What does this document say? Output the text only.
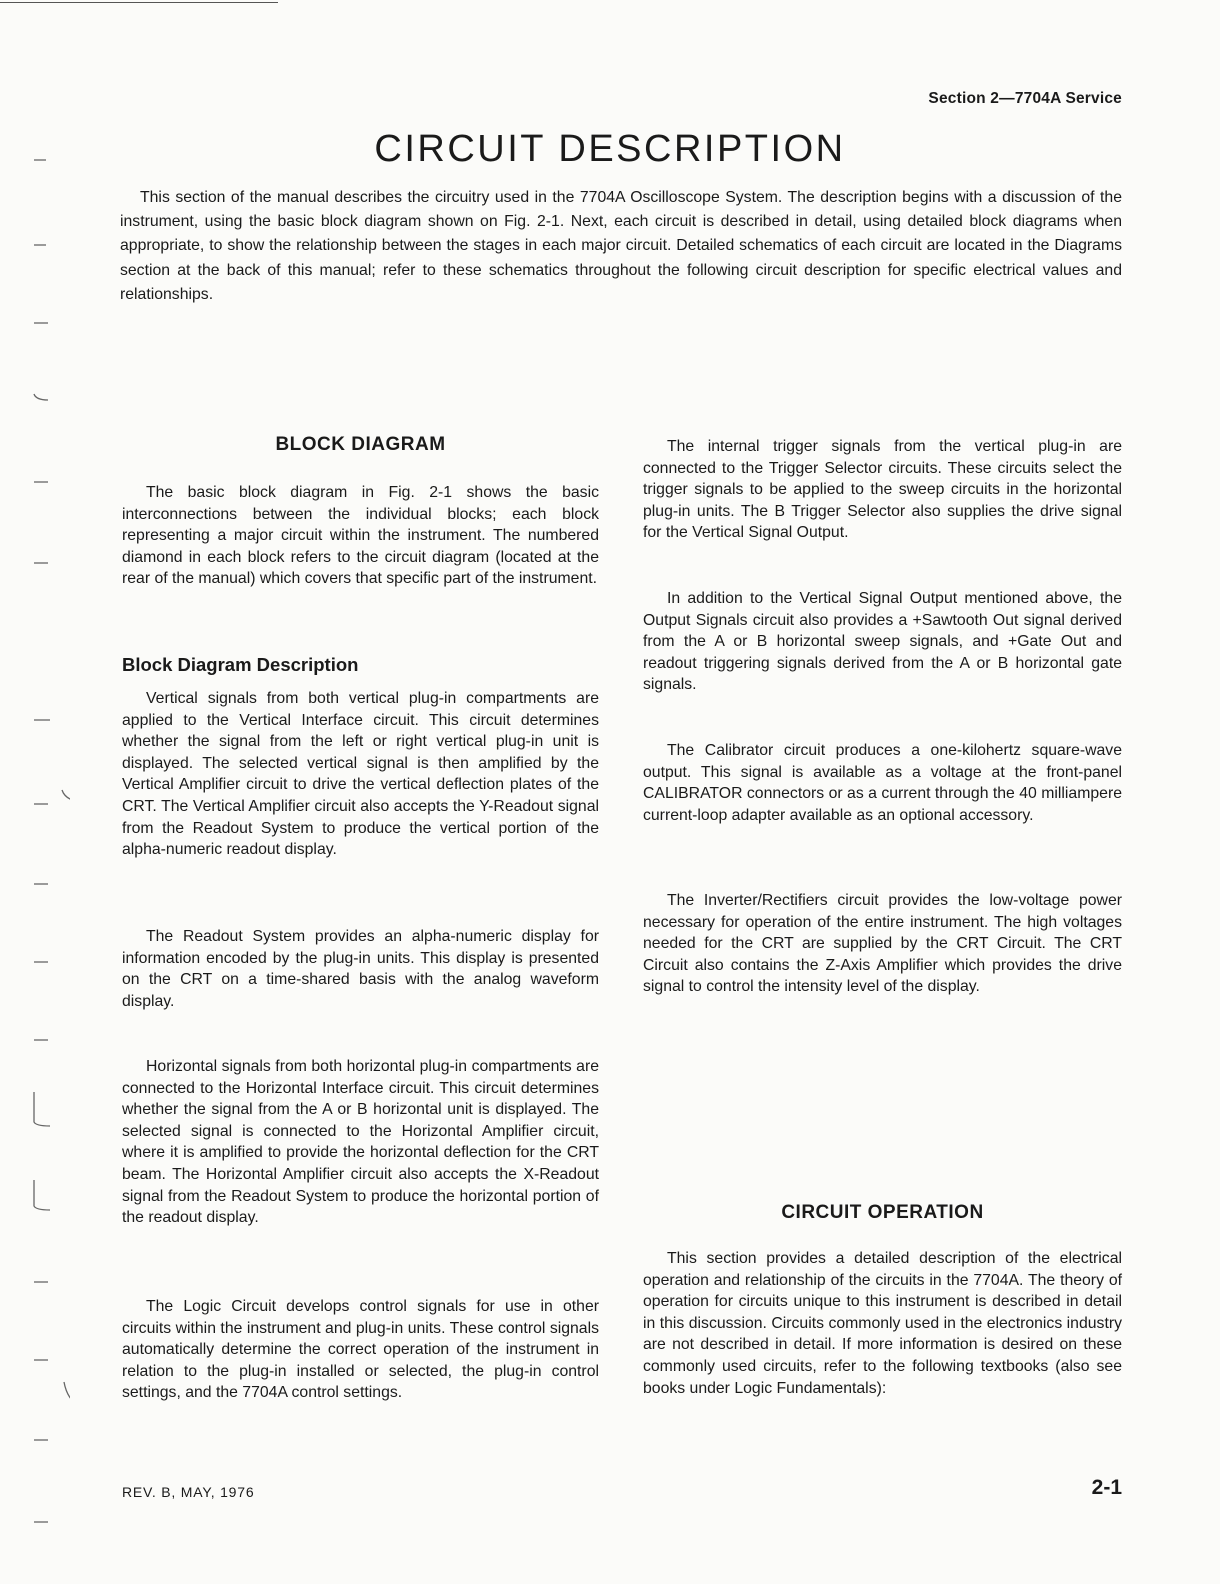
Section 2—7704A Service
CIRCUIT DESCRIPTION

This section of the manual describes the circuitry used in the 7704A Oscilloscope System. The description begins with a discussion of the instrument, using the basic block diagram shown on Fig. 2-1. Next, each circuit is described in detail, using detailed block diagrams when appropriate, to show the relationship between the stages in each major circuit. Detailed schematics of each circuit are located in the Diagrams section at the back of this manual; refer to these schematics throughout the following circuit description for specific electrical values and relationships.

BLOCK DIAGRAM

The basic block diagram in Fig. 2-1 shows the basic interconnections between the individual blocks; each block representing a major circuit within the instrument. The numbered diamond in each block refers to the circuit diagram (located at the rear of the manual) which covers that specific part of the instrument.

Block Diagram Description

Vertical signals from both vertical plug-in compartments are applied to the Vertical Interface circuit. This circuit determines whether the signal from the left or right vertical plug-in unit is displayed. The selected vertical signal is then amplified by the Vertical Amplifier circuit to drive the vertical deflection plates of the CRT. The Vertical Amplifier circuit also accepts the Y-Readout signal from the Readout System to produce the vertical portion of the alpha-numeric readout display.

The Readout System provides an alpha-numeric display for information encoded by the plug-in units. This display is presented on the CRT on a time-shared basis with the analog waveform display.

Horizontal signals from both horizontal plug-in compartments are connected to the Horizontal Interface circuit. This circuit determines whether the signal from the A or B horizontal unit is displayed. The selected signal is connected to the Horizontal Amplifier circuit, where it is amplified to provide the horizontal deflection for the CRT beam. The Horizontal Amplifier circuit also accepts the X-Readout signal from the Readout System to produce the horizontal portion of the readout display.

The Logic Circuit develops control signals for use in other circuits within the instrument and plug-in units. These control signals automatically determine the correct operation of the instrument in relation to the plug-in installed or selected, the plug-in control settings, and the 7704A control settings.

The internal trigger signals from the vertical plug-in are connected to the Trigger Selector circuits. These circuits select the trigger signals to be applied to the sweep circuits in the horizontal plug-in units. The B Trigger Selector also supplies the drive signal for the Vertical Signal Output.

In addition to the Vertical Signal Output mentioned above, the Output Signals circuit also provides a +Sawtooth Out signal derived from the A or B horizontal sweep signals, and +Gate Out and readout triggering signals derived from the A or B horizontal gate signals.

The Calibrator circuit produces a one-kilohertz square-wave output. This signal is available as a voltage at the front-panel CALIBRATOR connectors or as a current through the 40 milliampere current-loop adapter available as an optional accessory.

The Inverter/Rectifiers circuit provides the low-voltage power necessary for operation of the entire instrument. The high voltages needed for the CRT are supplied by the CRT Circuit. The CRT Circuit also contains the Z-Axis Amplifier which provides the drive signal to control the intensity level of the display.

CIRCUIT OPERATION

This section provides a detailed description of the electrical operation and relationship of the circuits in the 7704A. The theory of operation for circuits unique to this instrument is described in detail in this discussion. Circuits commonly used in the electronics industry are not described in detail. If more information is desired on these commonly used circuits, refer to the following textbooks (also see books under Logic Fundamentals):

REV. B, MAY, 1976	2-1
